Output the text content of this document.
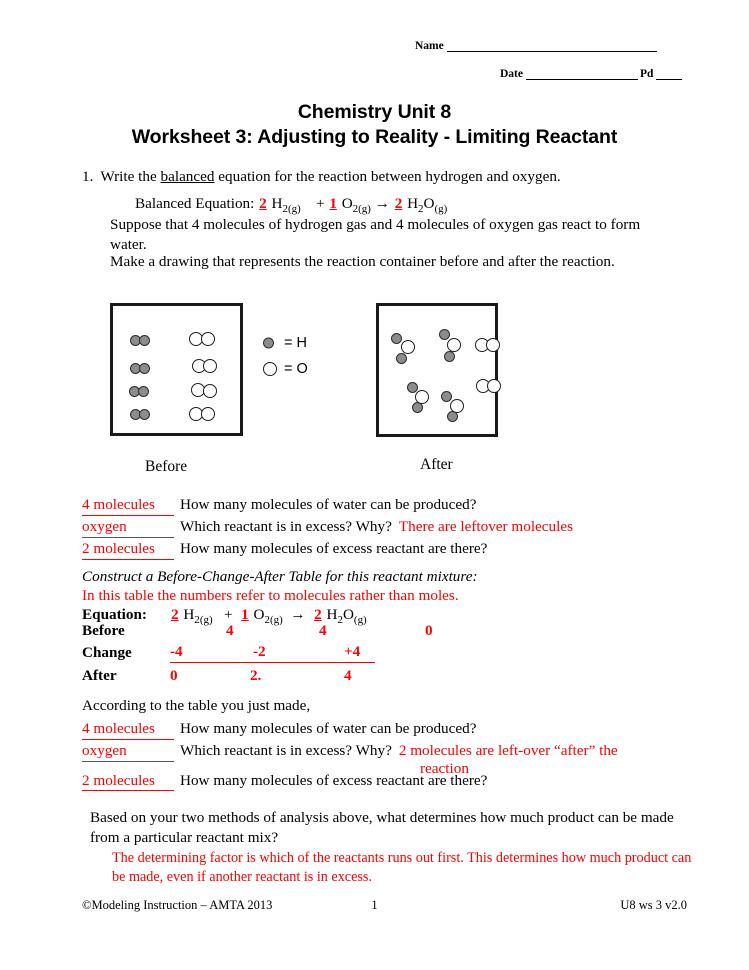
Name
Date	Pd
Chemistry Unit 8
Worksheet 3: Adjusting to Reality - Limiting Reactant
1. Write the balanced equation for the reaction between hydrogen and oxygen.
Balanced Equation: 2 $H_{2(g)}$    + 1 $O_{2(g)} \to 2$ $H_2O_{(g)}$
Suppose that 4 molecules of hydrogen gas and 4 molecules of oxygen gas react to form water.
Make a drawing that represents the reaction container before and after the reaction.
= H
= O
Before	After
4 molecules	How many molecules of water can be produced?
oxygen	Which reactant is in excess? Why? There are leftover molecules
2 molecules	How many molecules of excess reactant are there?
Construct a Before-Change-After Table for this reactant mixture:
In this table the numbers refer to molecules rather than moles.
Equation: 2 $H_{2(g)} + 1$ $O_{2(g)} \to 2$ $H_2O_{(g)}$
Before	4	4	0
Change	-4	-2	+4
After	0	2.	4
According to the table you just made,
4 molecules	How many molecules of water can be produced?
oxygen	Which reactant is in excess? Why? 2 molecules are left-over “after” the
reaction
2 molecules	How many molecules of excess reactant are there?
Based on your two methods of analysis above, what determines how much product can be made from a particular reactant mix?
The determining factor is which of the reactants runs out first. This determines how much product can be made, even if another reactant is in excess.
©Modeling Instruction – AMTA 2013	1	U8 ws 3 v2.0
